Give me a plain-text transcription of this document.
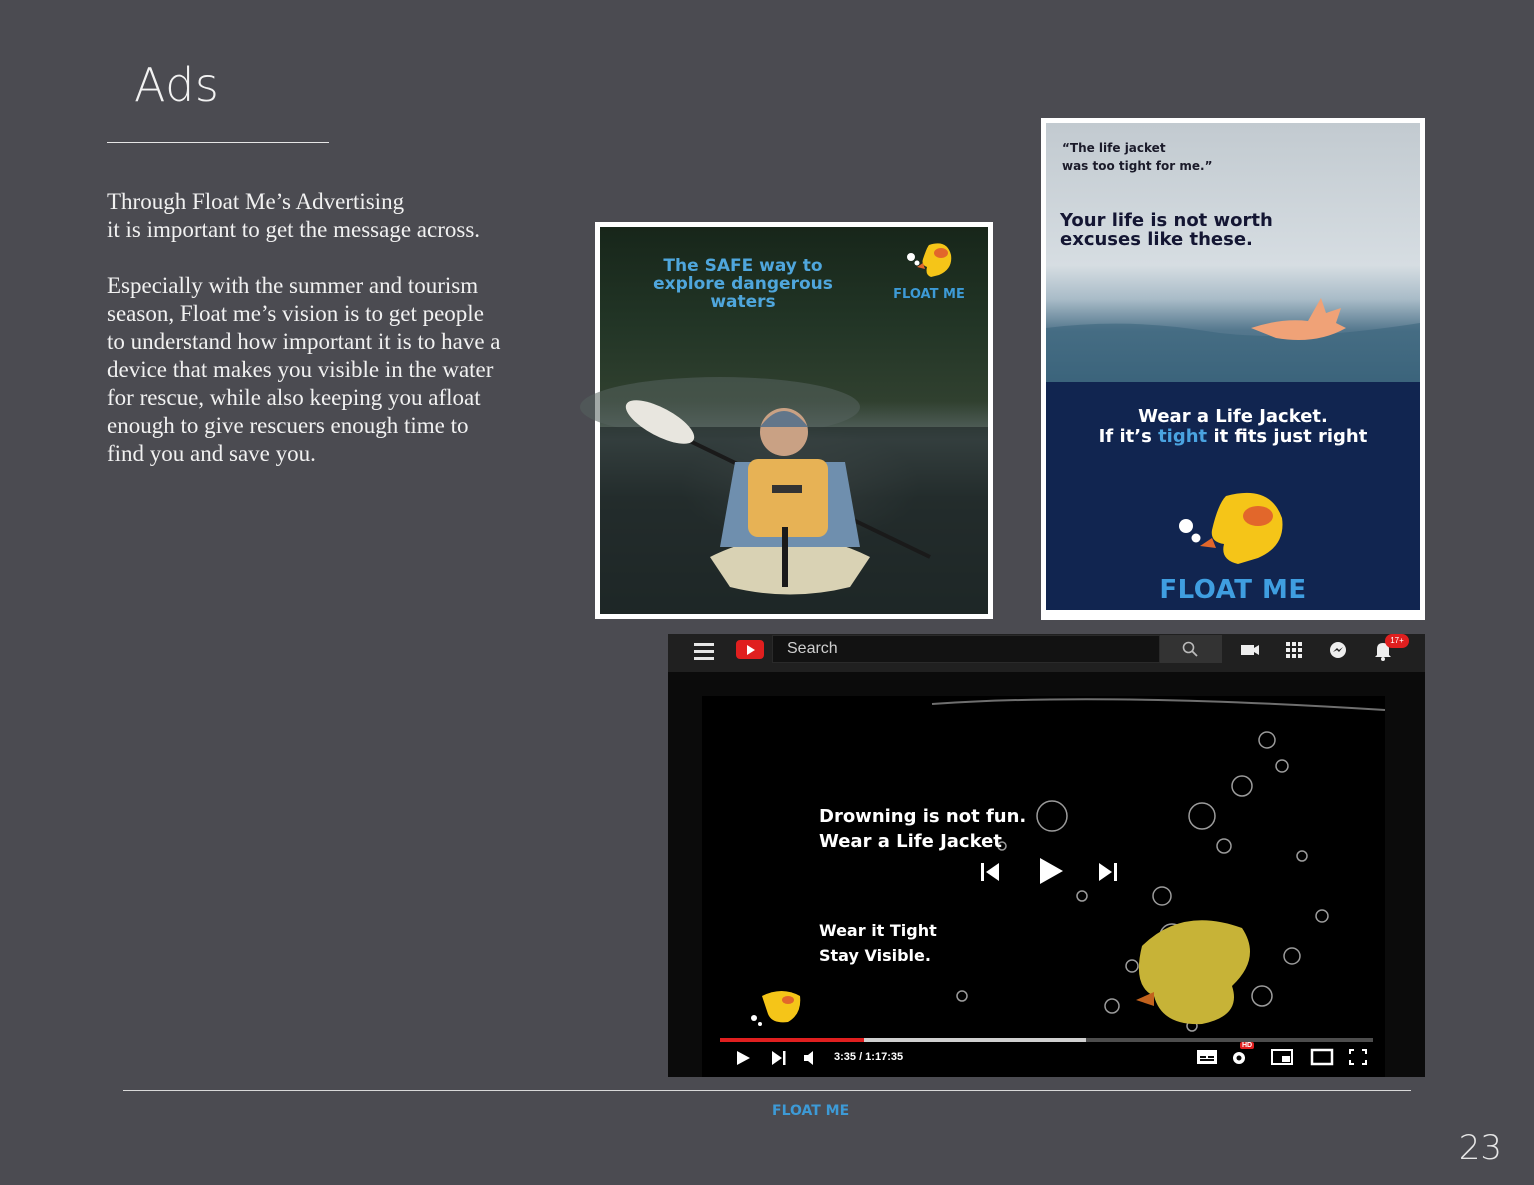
Ads

Through Float Me’s Advertising
it is important to get the message across.

Especially with the summer and tourism
season, Float me’s vision is to get people
to understand how important it is to have a
device that makes you visible in the water
for rescue, while also keeping you afloat
enough to give rescuers enough time to
find you and save you.

The SAFE way to
explore dangerous waters	FLOAT ME
“The life jacket
was too tight for me.”
Your life is not worth
excuses like these.
Wear a Life Jacket.
If it’s tight it fits just right
FLOAT ME
Search	17+
Drowning is not fun.
Wear a Life Jacket
Wear it Tight
Stay Visible.
FLOAT ME
3:35 / 1:17:35
HD
23
